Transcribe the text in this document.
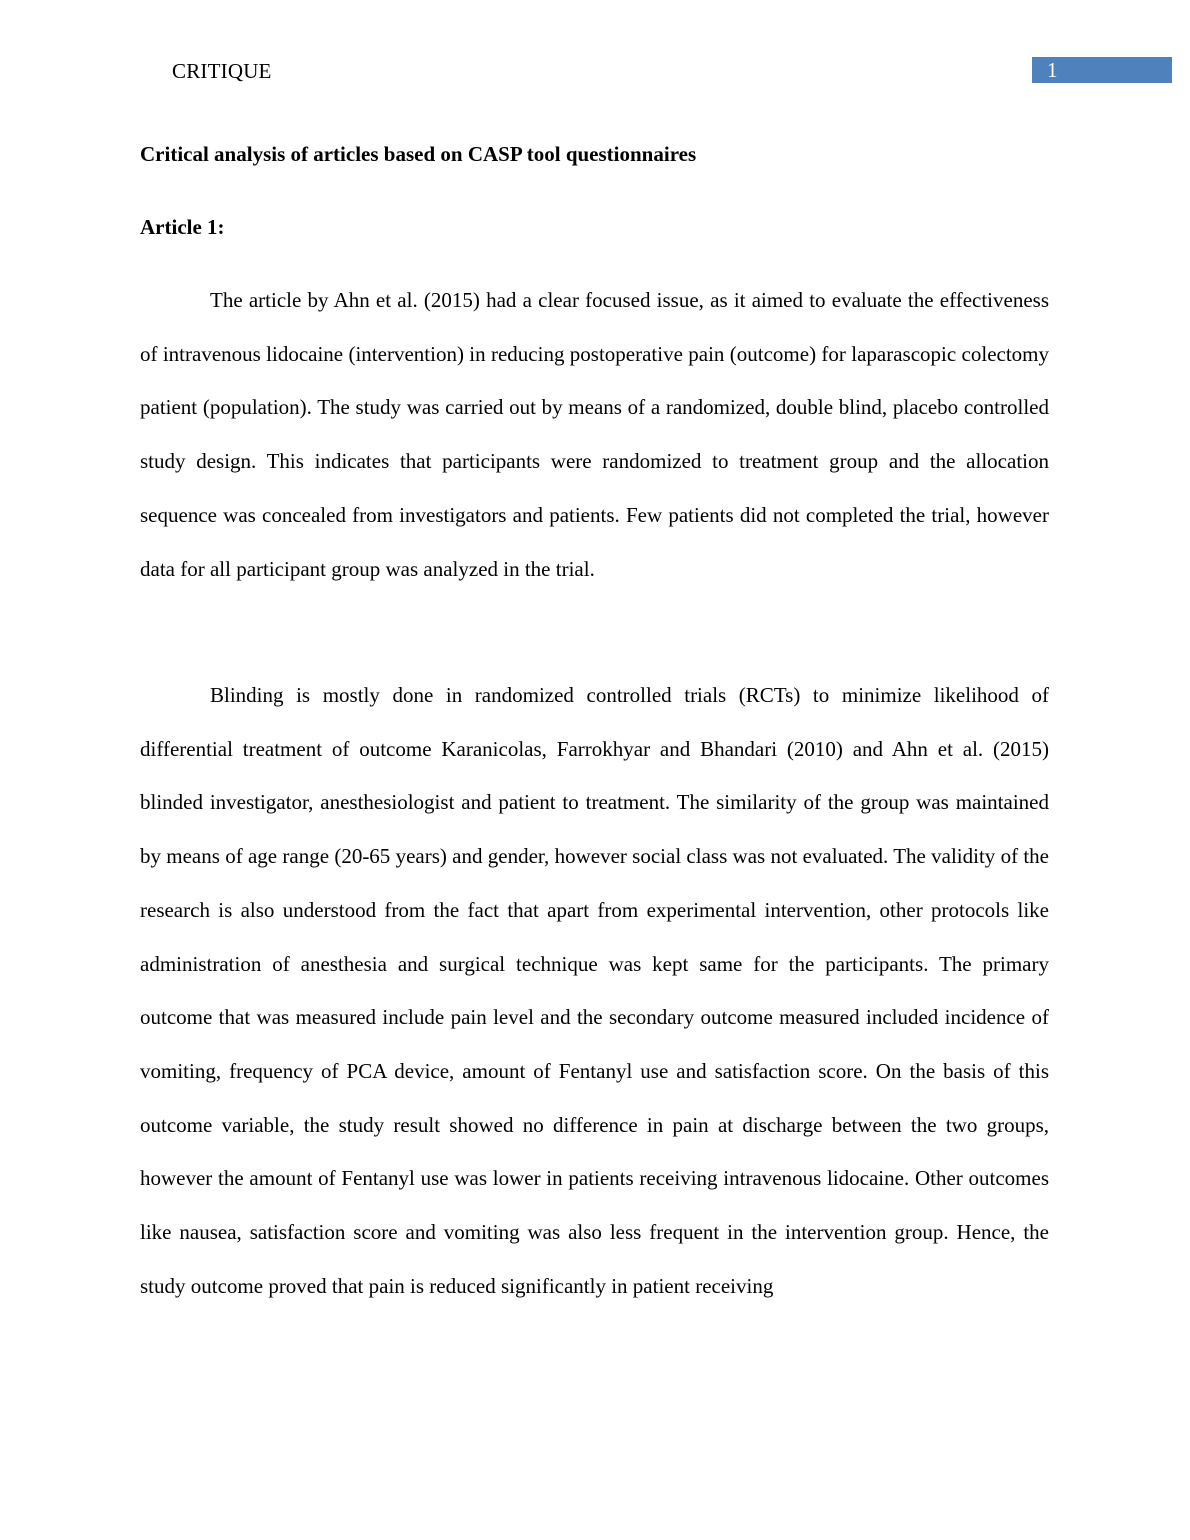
CRITIQUE	1
Critical analysis of articles based on CASP tool questionnaires
Article 1:

The article by Ahn et al. (2015) had a clear focused issue, as it aimed to evaluate the effectiveness of intravenous lidocaine (intervention) in reducing postoperative pain (outcome) for laparascopic colectomy patient (population). The study was carried out by means of a randomized, double blind, placebo controlled study design. This indicates that participants were randomized to treatment group and the allocation sequence was concealed from investigators and patients. Few patients did not completed the trial, however data for all participant group was analyzed in the trial.

Blinding is mostly done in randomized controlled trials (RCTs) to minimize likelihood of differential treatment of outcome Karanicolas, Farrokhyar and Bhandari (2010) and Ahn et al. (2015) blinded investigator, anesthesiologist and patient to treatment. The similarity of the group was maintained by means of age range (20-65 years) and gender, however social class was not evaluated. The validity of the research is also understood from the fact that apart from experimental intervention, other protocols like administration of anesthesia and surgical technique was kept same for the participants. The primary outcome that was measured include pain level and the secondary outcome measured included incidence of vomiting, frequency of PCA device, amount of Fentanyl use and satisfaction score. On the basis of this outcome variable, the study result showed no difference in pain at discharge between the two groups, however the amount of Fentanyl use was lower in patients receiving intravenous lidocaine. Other outcomes like nausea, satisfaction score and vomiting was also less frequent in the intervention group. Hence, the study outcome proved that pain is reduced significantly in patient receiving
